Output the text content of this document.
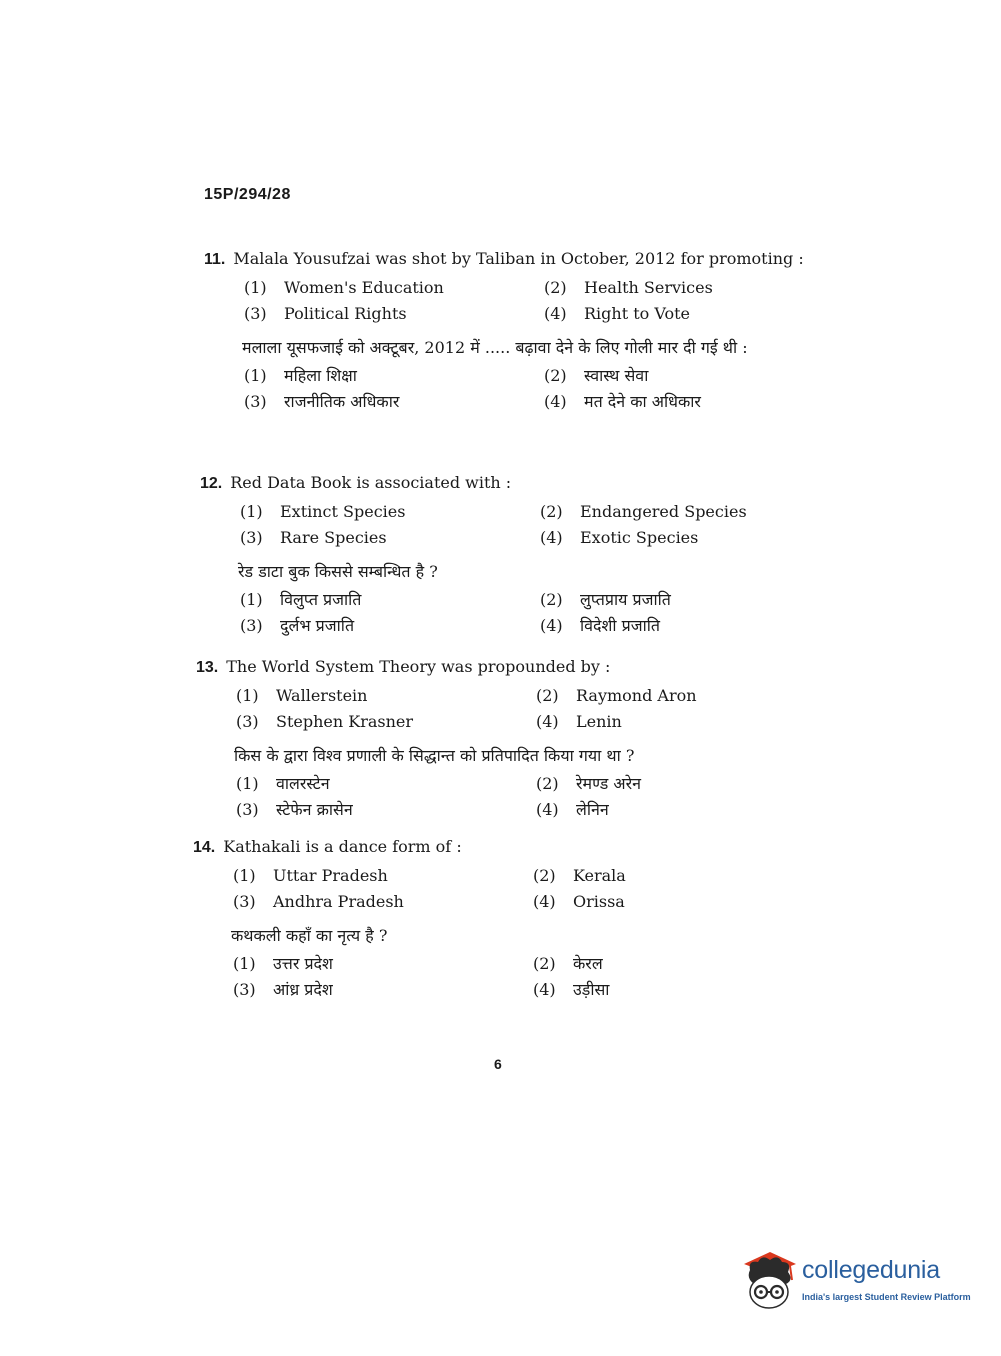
15P/294/28
11. Malala Yousufzai was shot by Taliban in October, 2012 for promoting :
(1) Women's Education	(2) Health Services
(3) Political Rights	(4) Right to Vote
मलाला यूसफजाई को अक्टूबर, 2012 में ..... बढ़ावा देने के लिए गोली मार दी गई थी :
(1) महिला शिक्षा	(2) स्वास्थ सेवा
(3) राजनीतिक अधिकार	(4) मत देने का अधिकार
12. Red Data Book is associated with :
(1) Extinct Species	(2) Endangered Species
(3) Rare Species	(4) Exotic Species
रेड डाटा बुक किससे सम्बन्धित है ?
(1) विलुप्त प्रजाति	(2) लुप्तप्राय प्रजाति
(3) दुर्लभ प्रजाति	(4) विदेशी प्रजाति
13. The World System Theory was propounded by :
(1) Wallerstein	(2) Raymond Aron
(3) Stephen Krasner	(4) Lenin
किस के द्वारा विश्व प्रणाली के सिद्धान्त को प्रतिपादित किया गया था ?
(1) वालरस्टेन	(2) रेमण्ड अरेन
(3) स्टेफेन क्रासेन	(4) लेनिन
14. Kathakali is a dance form of :
(1) Uttar Pradesh	(2) Kerala
(3) Andhra Pradesh	(4) Orissa
कथकली कहाँ का नृत्य है ?
(1) उत्तर प्रदेश	(2) केरल
(3) आंध्र प्रदेश	(4) उड़ीसा
6
collegedunia
India's largest Student Review Platform
